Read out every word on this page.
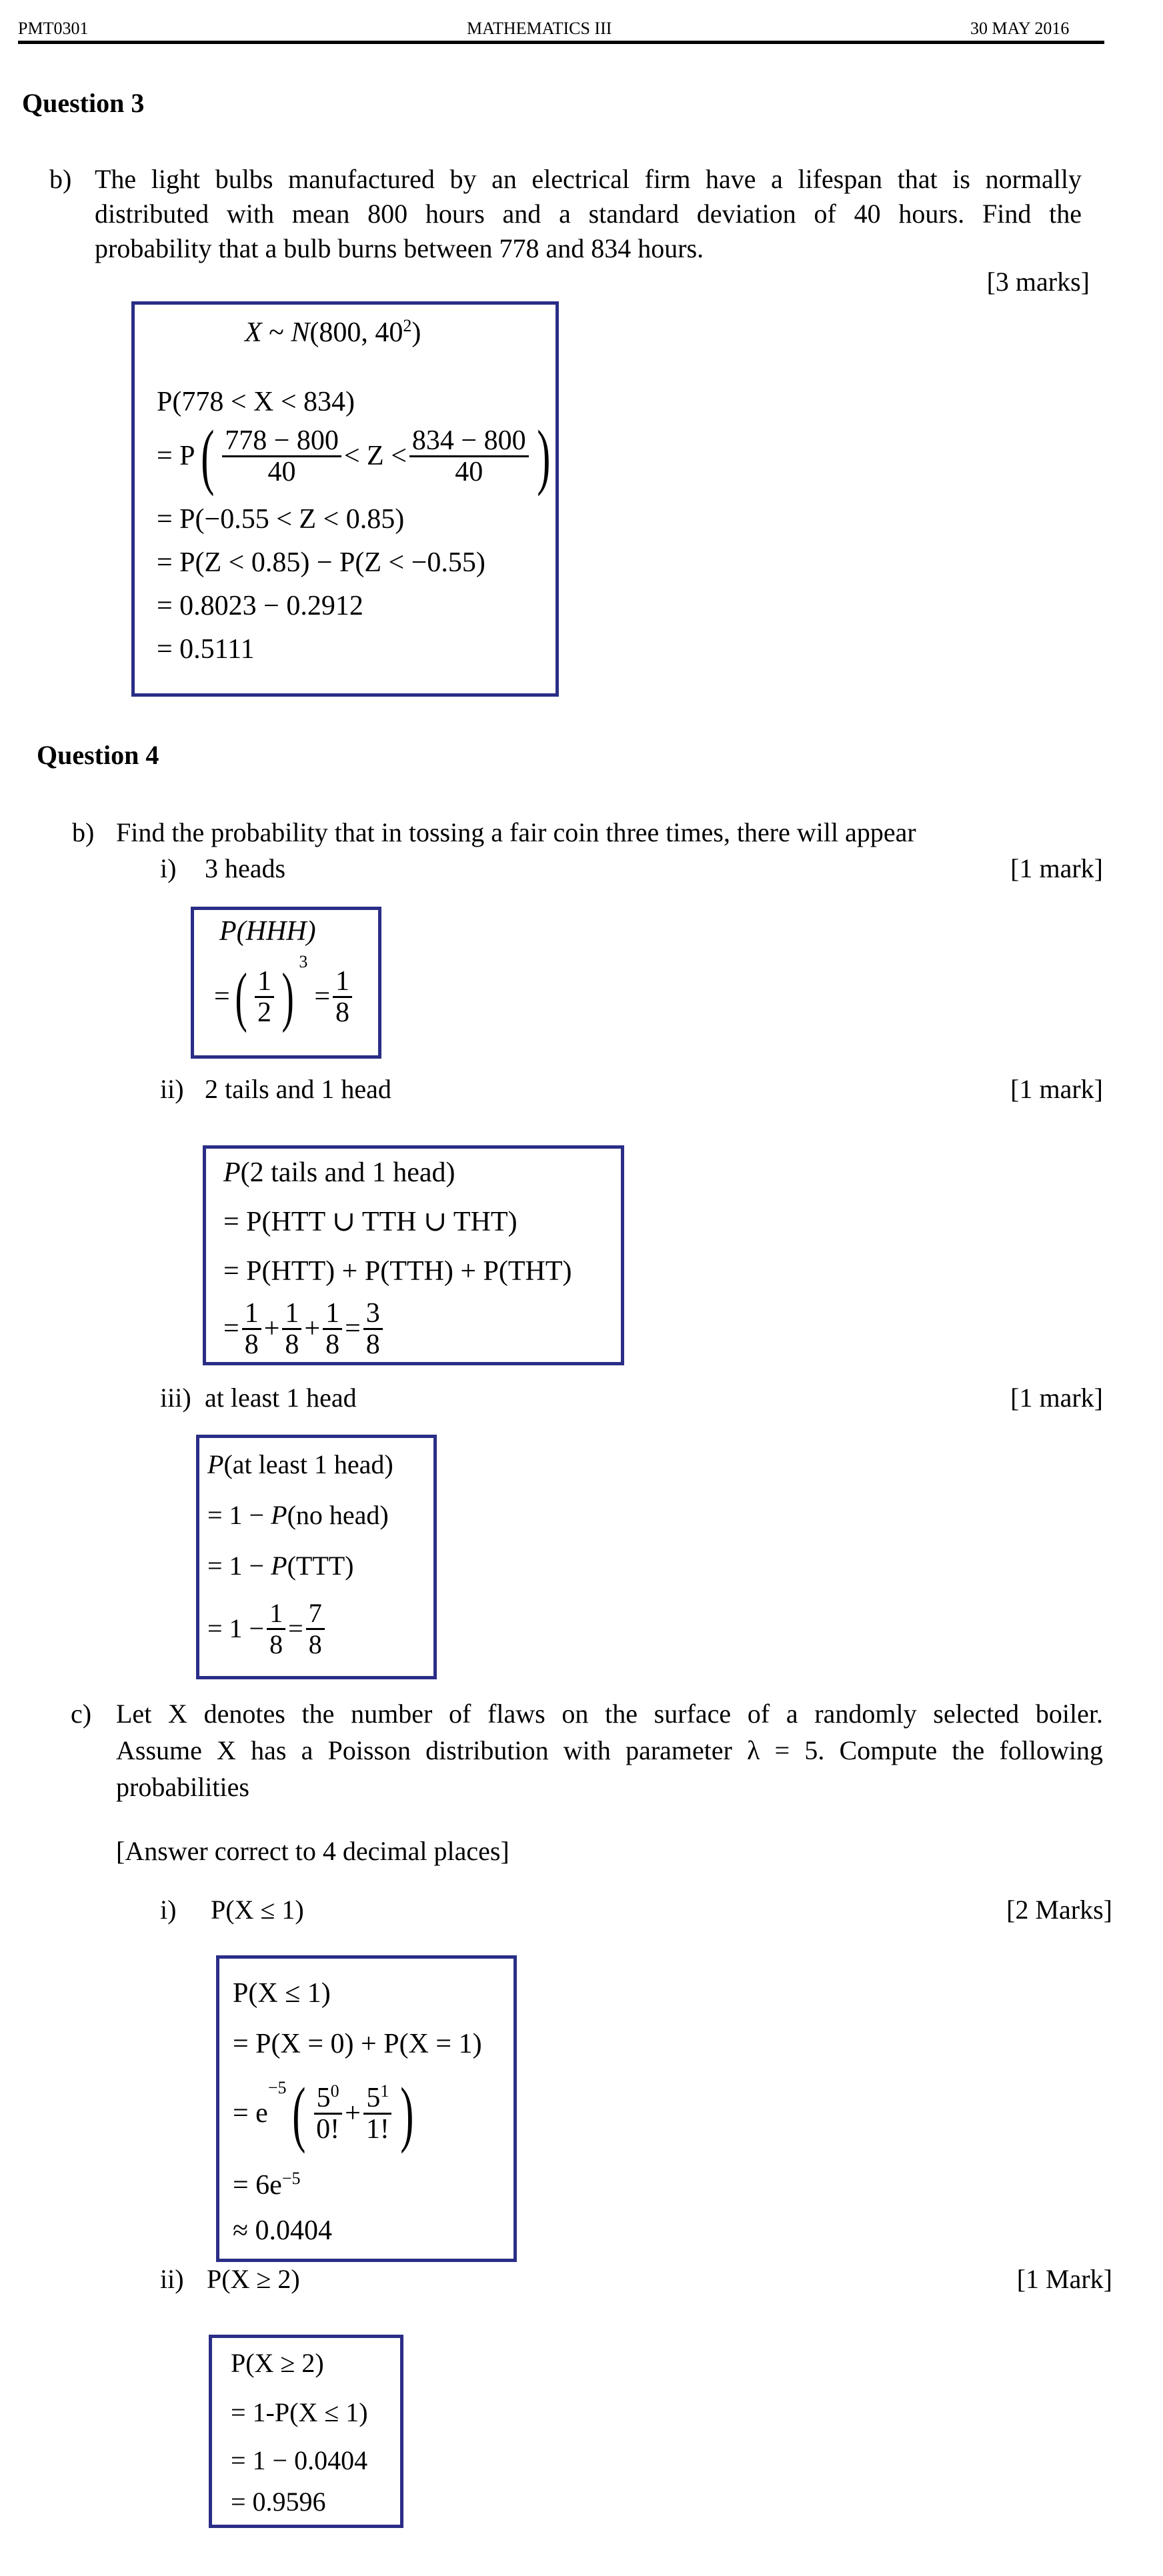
PMT0301	MATHEMATICS III	30 MAY 2016
Question 3
b) The light bulbs manufactured by an electrical firm have a lifespan that is normally
distributed with mean 800 hours and a standard deviation of 40 hours. Find the
probability that a bulb burns between 778 and 834 hours.
[3 marks]
X ~ N(800, $40^2$)
P(778 < X < 834)
= P ( $\frac{778 - 800}{40} < Z < \frac{834 - 800}{40}$ )
= P(−0.55 < Z < 0.85)
= P(Z < 0.85) − P(Z < −0.55)
= 0.8023 − 0.2912
= 0.5111
Question 4
b) Find the probability that in tossing a fair coin three times, there will appear
i) 3 heads	[1 mark]
P(HHH)
= ( $\frac{1}{2}$ ) 3
= $\frac{1}{8}$
ii) 2 tails and 1 head	[1 mark]
P(2 tails and 1 head)
= P(HTT ∪ TTH ∪ THT)
= P(HTT) + P(TTH) + P(THT)
= $\frac{1}{8} + \frac{1}{8} + \frac{1}{8} = \frac{3}{8}$
iii) at least 1 head	[1 mark]
P(at least 1 head)
= 1 − P(no head)
= 1 − P(TTT)
= $1 - \frac{1}{8} = \frac{7}{8}$
c) Let X denotes the number of flaws on the surface of a randomly selected boiler.
Assume X has a Poisson distribution with parameter λ = 5. Compute the following
probabilities
[Answer correct to 4 decimal places]
i) P(X ≤ 1)	[2 Marks]
P(X ≤ 1)
= P(X = 0) + P(X = 1)
= e
−5 ( $\frac{5^0}{0!} + \frac{5^1}{1!}$ )
= $6e^{-5}$
≈ 0.0404
ii) P(X ≥ 2)	[1 Mark]
P(X ≥ 2)
= 1-P(X ≤ 1)
= 1 − 0.0404
= 0.9596
